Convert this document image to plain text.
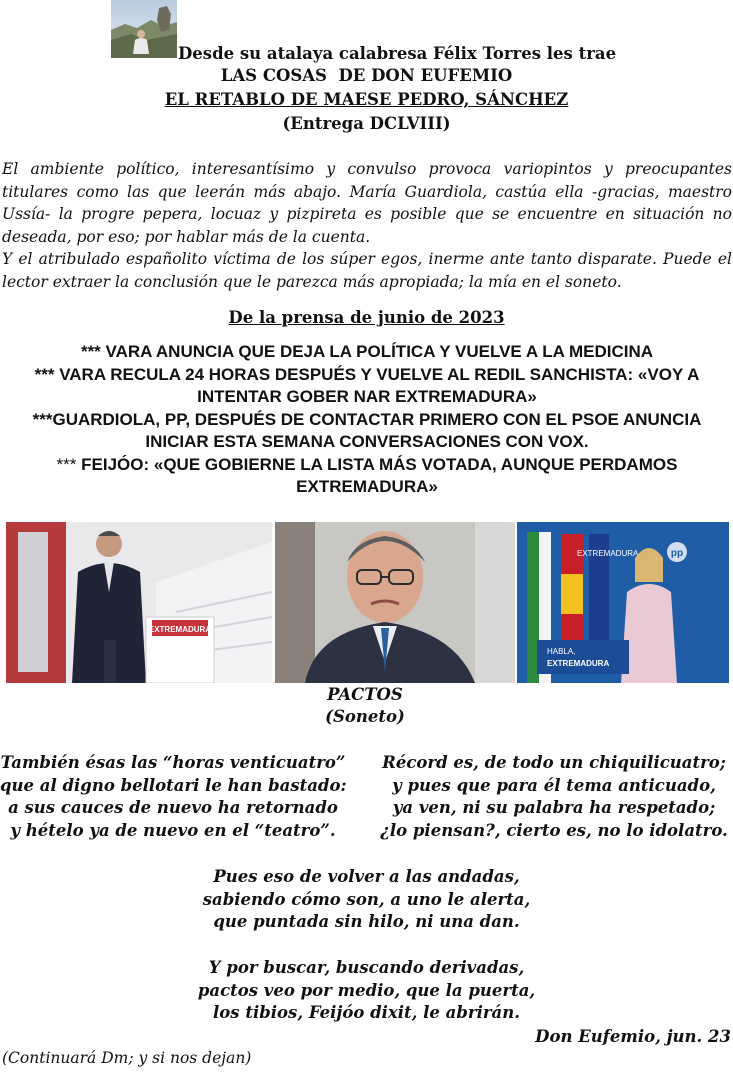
Desde su atalaya calabresa Félix Torres les trae
LAS COSAS  DE DON EUFEMIO
EL RETABLO DE MAESE PEDRO, SÁNCHEZ
(Entrega DCLVIII)

El ambiente político, interesantísimo y convulso provoca variopintos y preocupantes titulares como las que leerán más abajo. María Guardiola, castúa ella -gracias, maestro Ussía- la progre pepera, locuaz y pizpireta es posible que se encuentre en situación no deseada, por eso; por hablar más de la cuenta.

Y el atribulado españolito víctima de los súper egos, inerme ante tanto disparate. Puede el lector extraer la conclusión que le parezca más apropiada; la mía en el soneto.

De la prensa de junio de 2023
*** VARA ANUNCIA QUE DEJA LA POLÍTICA Y VUELVE A LA MEDICINA
*** VARA RECULA 24 HORAS DESPUÉS Y VUELVE AL REDIL SANCHISTA: «VOY A INTENTAR GOBER NAR EXTREMADURA»
***GUARDIOLA, PP, DESPUÉS DE CONTACTAR PRIMERO CON EL PSOE ANUNCIA INICIAR ESTA SEMANA CONVERSACIONES CON VOX.
*** FEIJÓO: «QUE GOBIERNE LA LISTA MÁS VOTADA, AUNQUE PERDAMOS EXTREMADURA»
EXTREMADURA
EXTREMADURA	pp
HABLA,
EXTREMADURA
PACTOS
(Soneto)
También ésas las “horas venticuatro”
que al digno bellotari le han bastado:
a sus cauces de nuevo ha retornado
y hételo ya de nuevo en el “teatro”.
Récord es, de todo un chiquilicuatro;
y pues que para él tema anticuado,
ya ven, ni su palabra ha respetado;
¿lo piensan?, cierto es, no lo idolatro.
Pues eso de volver a las andadas,
sabiendo cómo son, a uno le alerta,
que puntada sin hilo, ni una dan.
Y por buscar, buscando derivadas,
pactos veo por medio, que la puerta,
los tibios, Feijóo dixit, le abrirán.
Don Eufemio, jun. 23
(Continuará Dm; y si nos dejan)
